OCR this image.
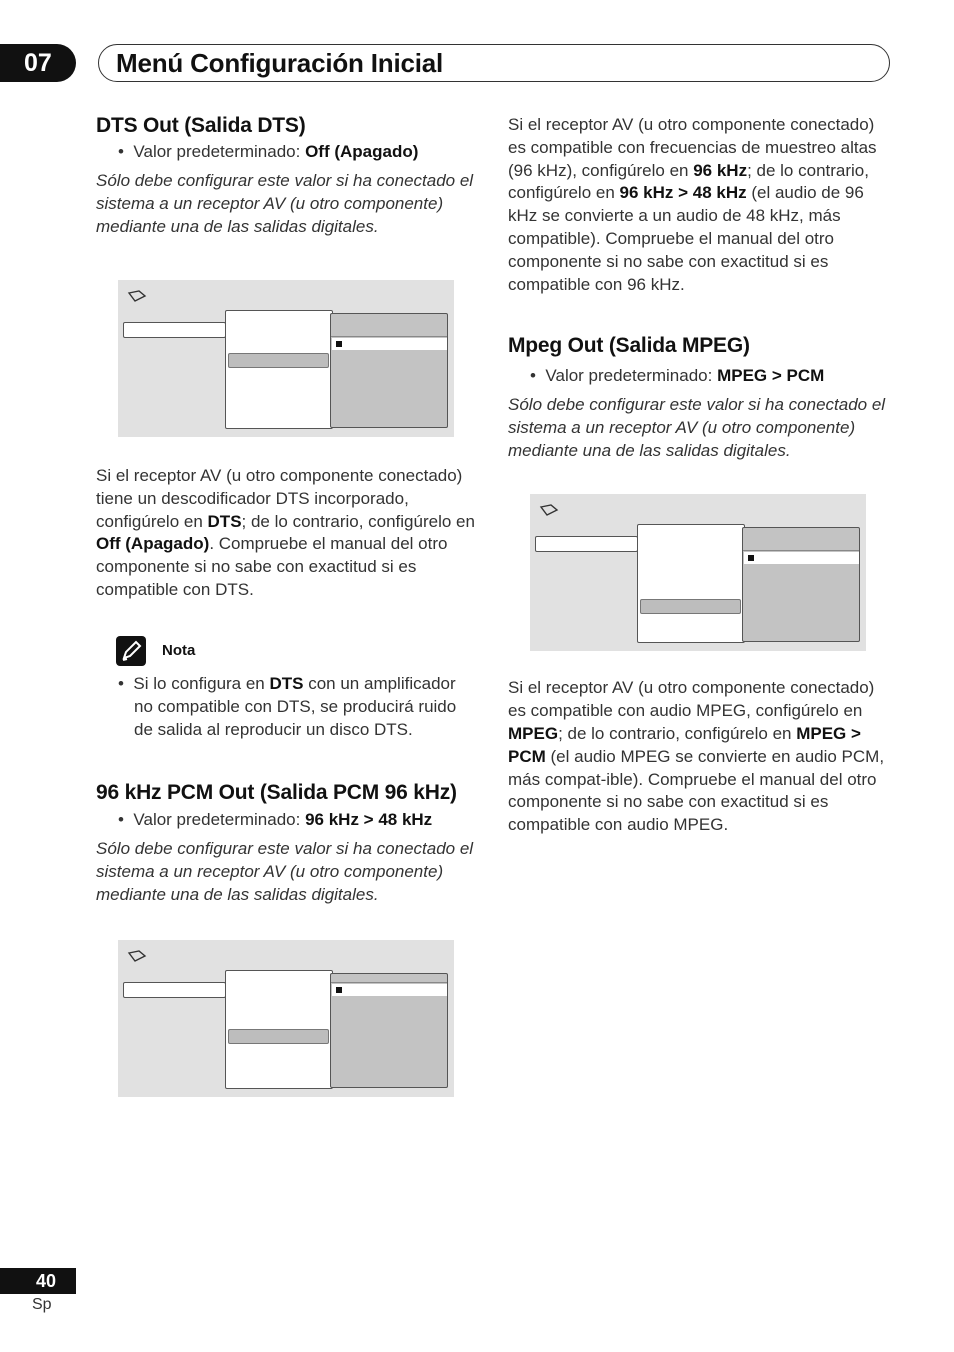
07	Menú Configuración Inicial
DTS Out (Salida DTS)

•  Valor predeterminado: Off (Apagado)

Sólo debe configurar este valor si ha conectado el sistema a un receptor AV (u otro componente) mediante una de las salidas digitales.

Si el receptor AV (u otro componente conectado) tiene un descodificador DTS incorporado, configúrelo en DTS; de lo contrario, configúrelo en Off (Apagado). Compruebe el manual del otro componente si no sabe con exactitud si es compatible con DTS.

Nota

•  Si lo configura en DTS con un amplificador no compatible con DTS, se producirá ruido de salida al reproducir un disco DTS.

96 kHz PCM Out (Salida PCM 96 kHz)

•  Valor predeterminado: 96 kHz > 48 kHz

Sólo debe configurar este valor si ha conectado el sistema a un receptor AV (u otro componente) mediante una de las salidas digitales.

Si el receptor AV (u otro componente conectado) es compatible con frecuencias de muestreo altas (96 kHz), configúrelo en 96 kHz; de lo contrario, configúrelo en 96 kHz > 48 kHz (el audio de 96 kHz se convierte a un audio de 48 kHz, más compatible). Compruebe el manual del otro componente si no sabe con exactitud si es compatible con 96 kHz.

Mpeg Out (Salida MPEG)

•  Valor predeterminado: MPEG > PCM

Sólo debe configurar este valor si ha conectado el sistema a un receptor AV (u otro componente) mediante una de las salidas digitales.

Si el receptor AV (u otro componente conectado) es compatible con audio MPEG, configúrelo en MPEG; de lo contrario, configúrelo en MPEG > PCM (el audio MPEG se convierte en audio PCM, más compat-ible). Compruebe el manual del otro componente si no sabe con exactitud si es compatible con audio MPEG.

40
Sp
